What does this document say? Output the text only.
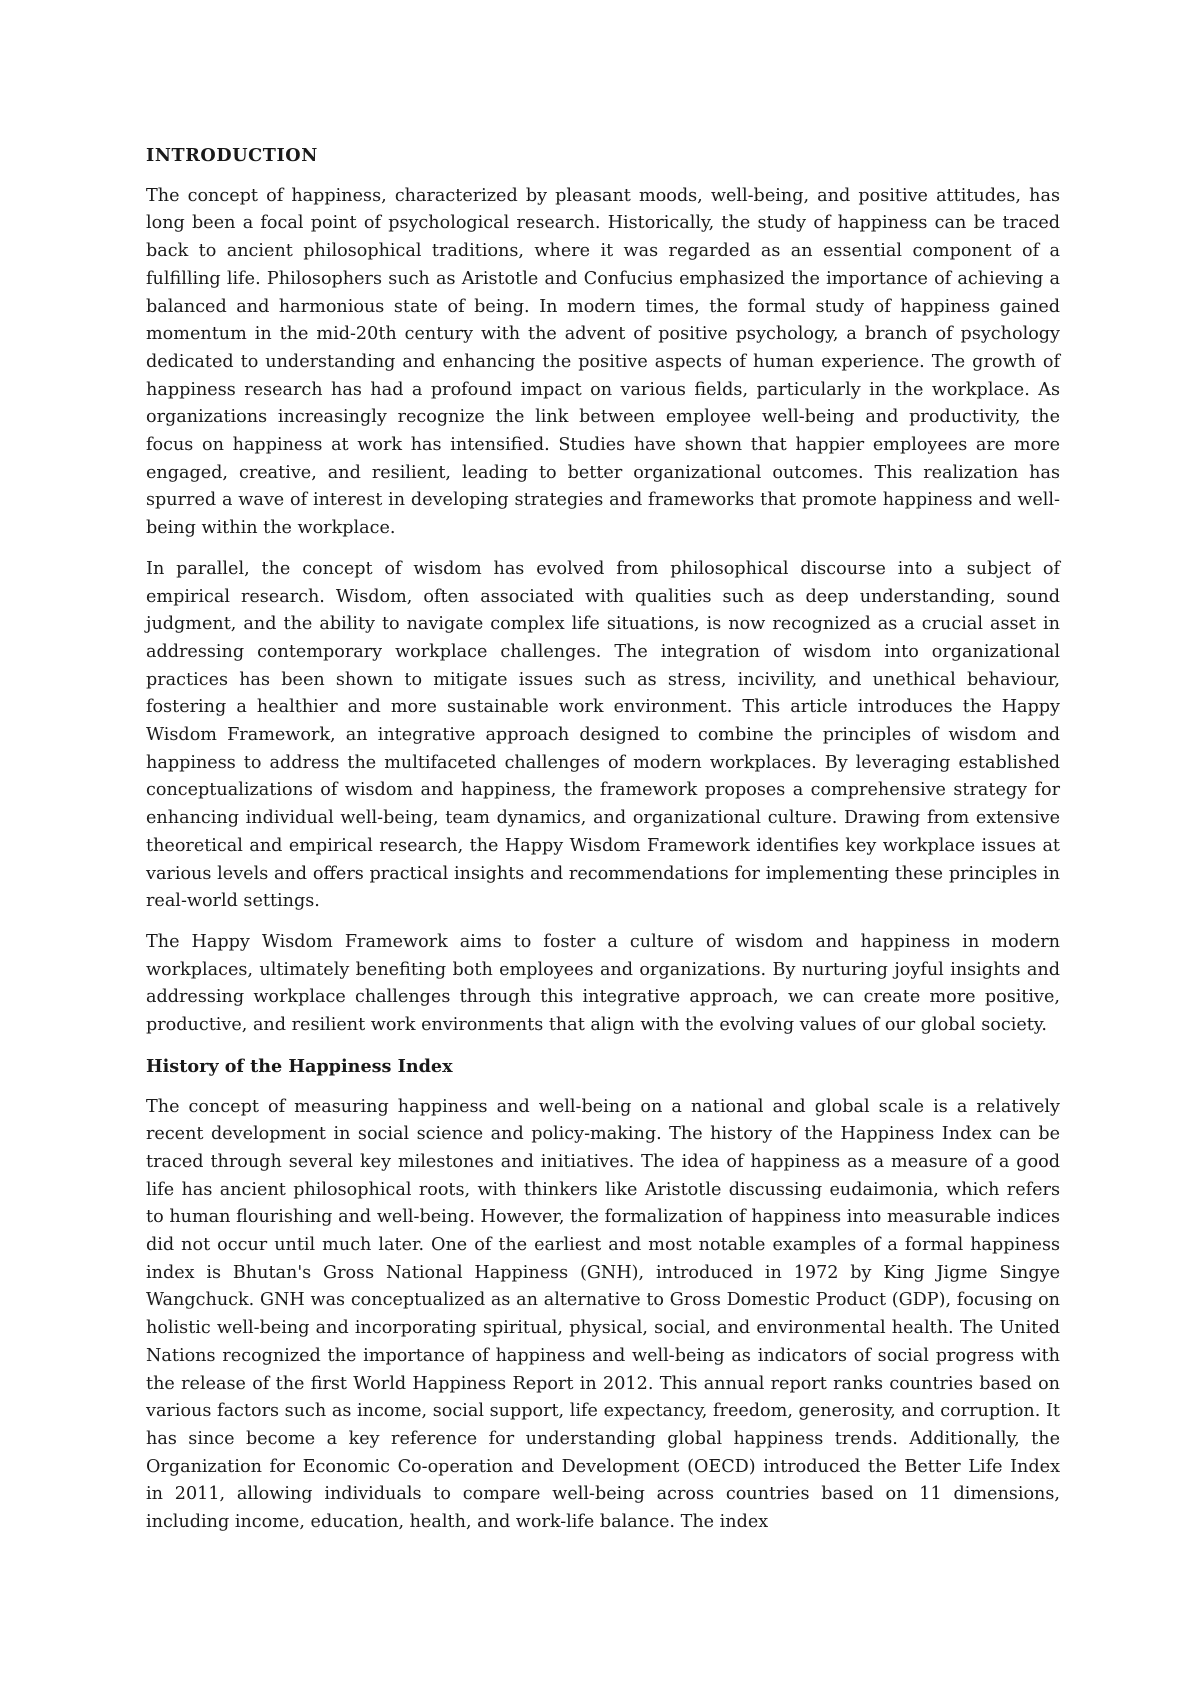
INTRODUCTION

The concept of happiness, characterized by pleasant moods, well-being, and positive attitudes, has long been a focal point of psychological research. Historically, the study of happiness can be traced back to ancient philosophical traditions, where it was regarded as an essential component of a fulfilling life. Philosophers such as Aristotle and Confucius emphasized the importance of achieving a balanced and harmonious state of being. In modern times, the formal study of happiness gained momentum in the mid-20th century with the advent of positive psychology, a branch of psychology dedicated to understanding and enhancing the positive aspects of human experience. The growth of happiness research has had a profound impact on various fields, particularly in the workplace. As organizations increasingly recognize the link between employee well-being and productivity, the focus on happiness at work has intensified. Studies have shown that happier employees are more engaged, creative, and resilient, leading to better organizational outcomes. This realization has spurred a wave of interest in developing strategies and frameworks that promote happiness and well-being within the workplace.

In parallel, the concept of wisdom has evolved from philosophical discourse into a subject of empirical research. Wisdom, often associated with qualities such as deep understanding, sound judgment, and the ability to navigate complex life situations, is now recognized as a crucial asset in addressing contemporary workplace challenges. The integration of wisdom into organizational practices has been shown to mitigate issues such as stress, incivility, and unethical behaviour, fostering a healthier and more sustainable work environment. This article introduces the Happy Wisdom Framework, an integrative approach designed to combine the principles of wisdom and happiness to address the multifaceted challenges of modern workplaces. By leveraging established conceptualizations of wisdom and happiness, the framework proposes a comprehensive strategy for enhancing individual well-being, team dynamics, and organizational culture. Drawing from extensive theoretical and empirical research, the Happy Wisdom Framework identifies key workplace issues at various levels and offers practical insights and recommendations for implementing these principles in real-world settings.

The Happy Wisdom Framework aims to foster a culture of wisdom and happiness in modern workplaces, ultimately benefiting both employees and organizations. By nurturing joyful insights and addressing workplace challenges through this integrative approach, we can create more positive, productive, and resilient work environments that align with the evolving values of our global society.

History of the Happiness Index

The concept of measuring happiness and well-being on a national and global scale is a relatively recent development in social science and policy-making. The history of the Happiness Index can be traced through several key milestones and initiatives. The idea of happiness as a measure of a good life has ancient philosophical roots, with thinkers like Aristotle discussing eudaimonia, which refers to human flourishing and well-being. However, the formalization of happiness into measurable indices did not occur until much later. One of the earliest and most notable examples of a formal happiness index is Bhutan's Gross National Happiness (GNH), introduced in 1972 by King Jigme Singye Wangchuck. GNH was conceptualized as an alternative to Gross Domestic Product (GDP), focusing on holistic well-being and incorporating spiritual, physical, social, and environmental health. The United Nations recognized the importance of happiness and well-being as indicators of social progress with the release of the first World Happiness Report in 2012. This annual report ranks countries based on various factors such as income, social support, life expectancy, freedom, generosity, and corruption. It has since become a key reference for understanding global happiness trends. Additionally, the Organization for Economic Co-operation and Development (OECD) introduced the Better Life Index in 2011, allowing individuals to compare well-being across countries based on 11 dimensions, including income, education, health, and work-life balance. The index
